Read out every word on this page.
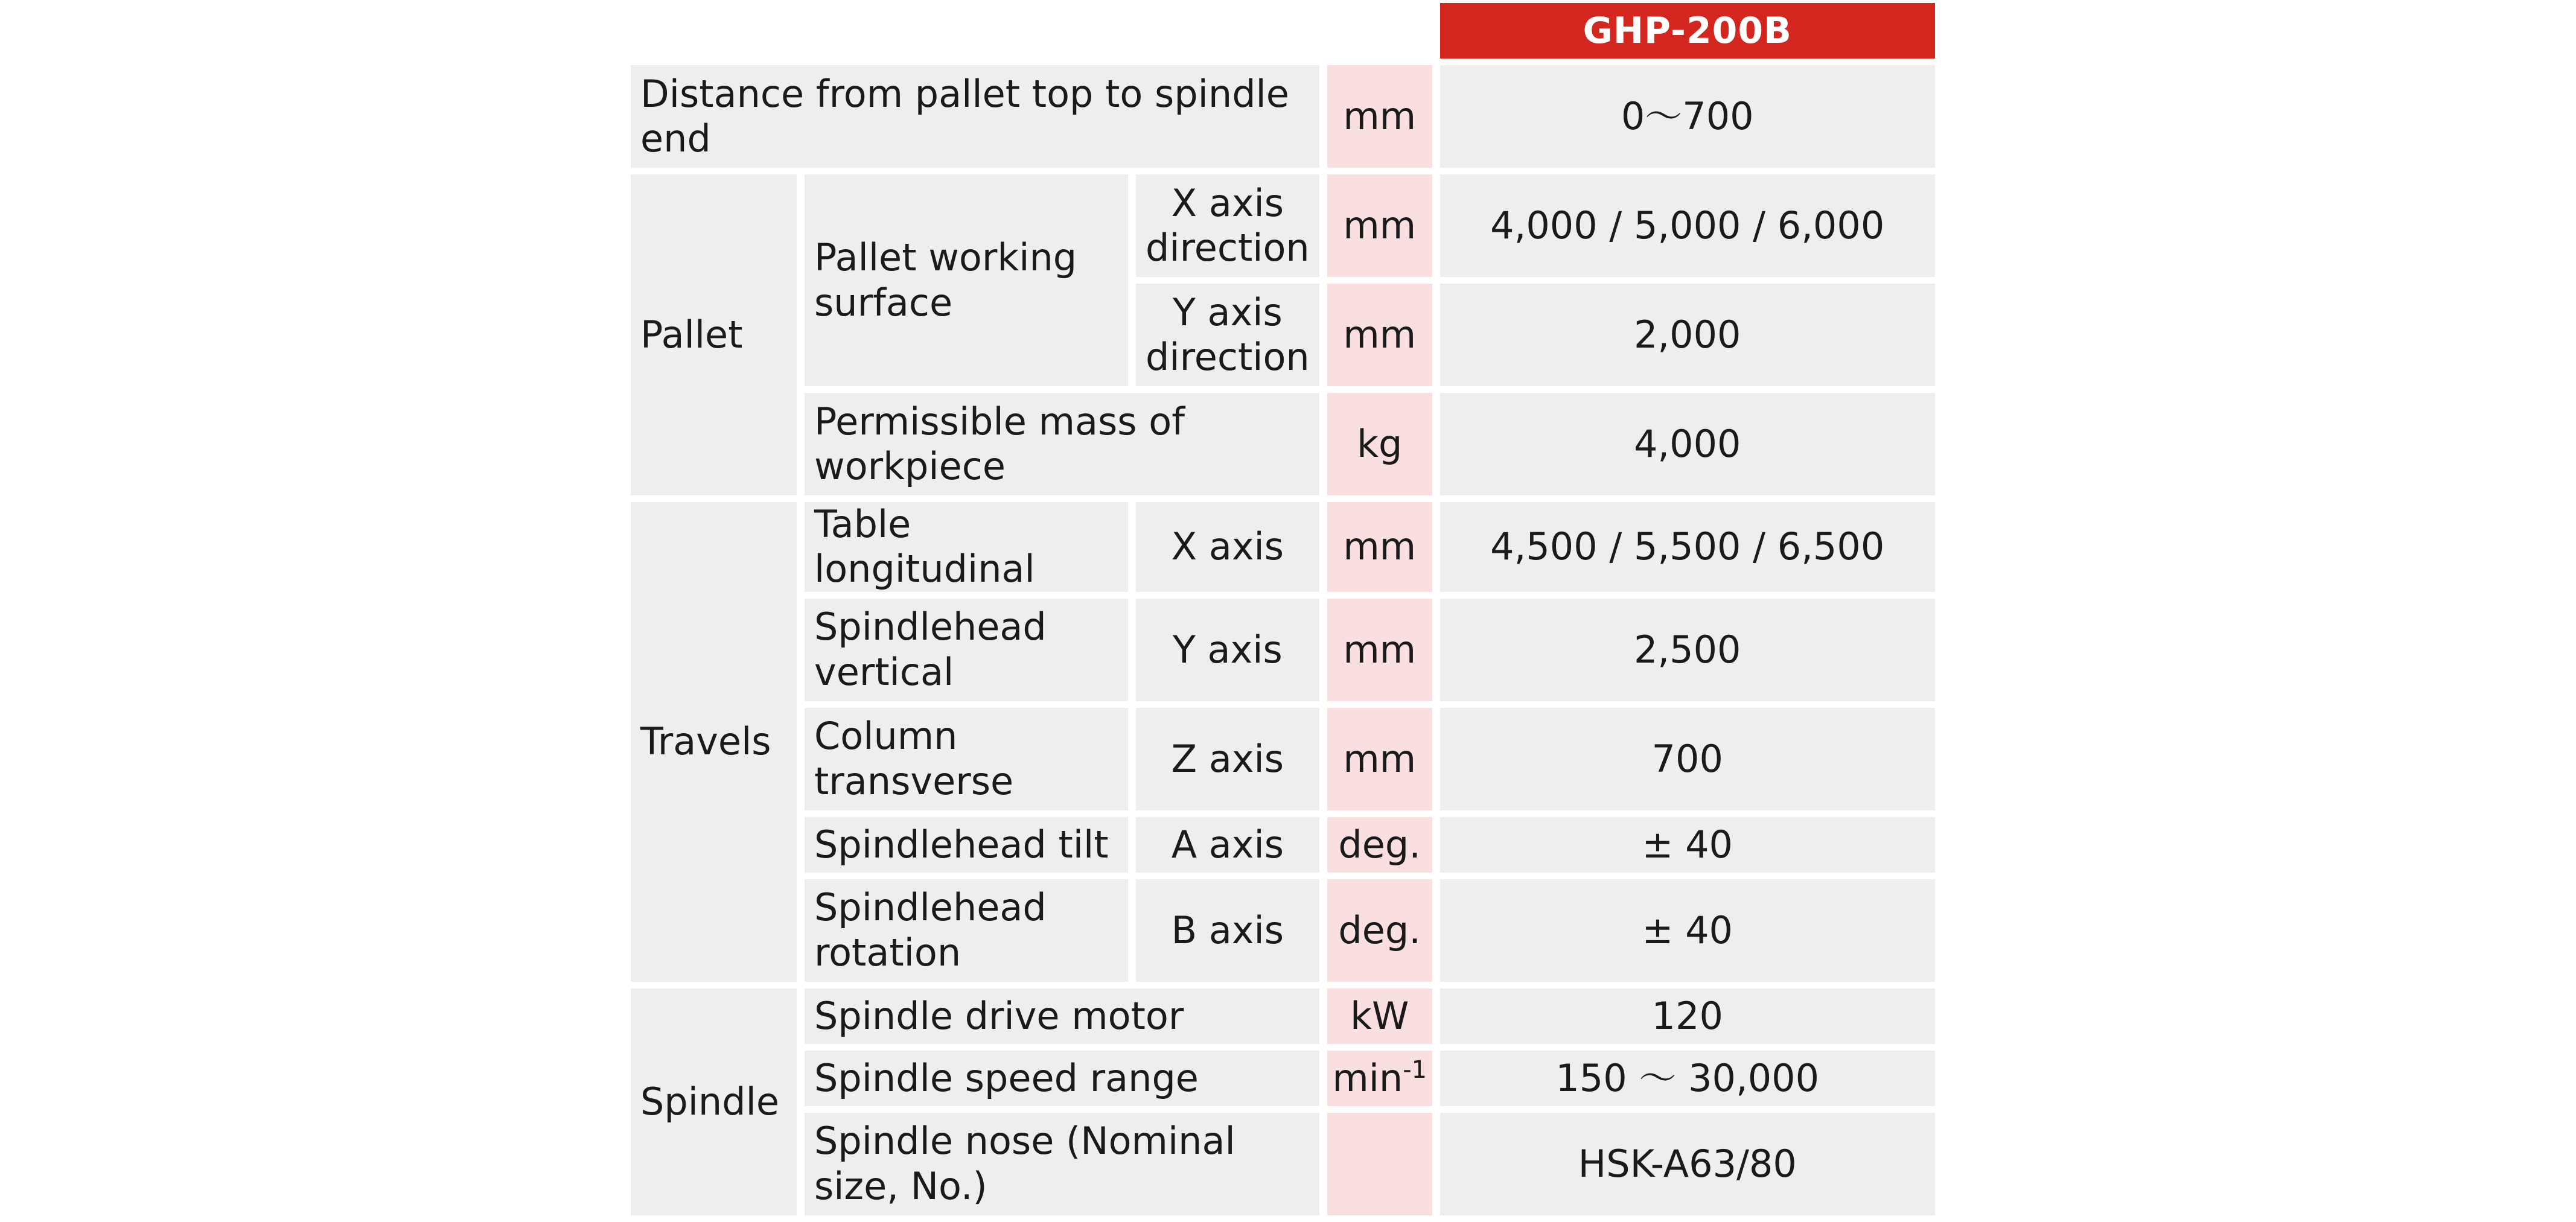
				GHP-200B
Distance from pallet top to spindle end			mm	0〜700
Pallet	Pallet working surface	X axis direction	mm	4,000 / 5,000 / 6,000
		Y axis direction	mm	2,000
	Permissible mass of workpiece		kg	4,000
Travels	Table longitudinal	X axis	mm	4,500 / 5,500 / 6,500
	Spindlehead vertical	Y axis	mm	2,500
	Column transverse	Z axis	mm	700
	Spindlehead tilt	A axis	deg.	± 40
	Spindlehead rotation	B axis	deg.	± 40
Spindle	Spindle drive motor		kW	120
	Spindle speed range		$\min^{-1}$	150 〜 30,000
	Spindle nose (Nominal size, No.)			HSK-A63/80
